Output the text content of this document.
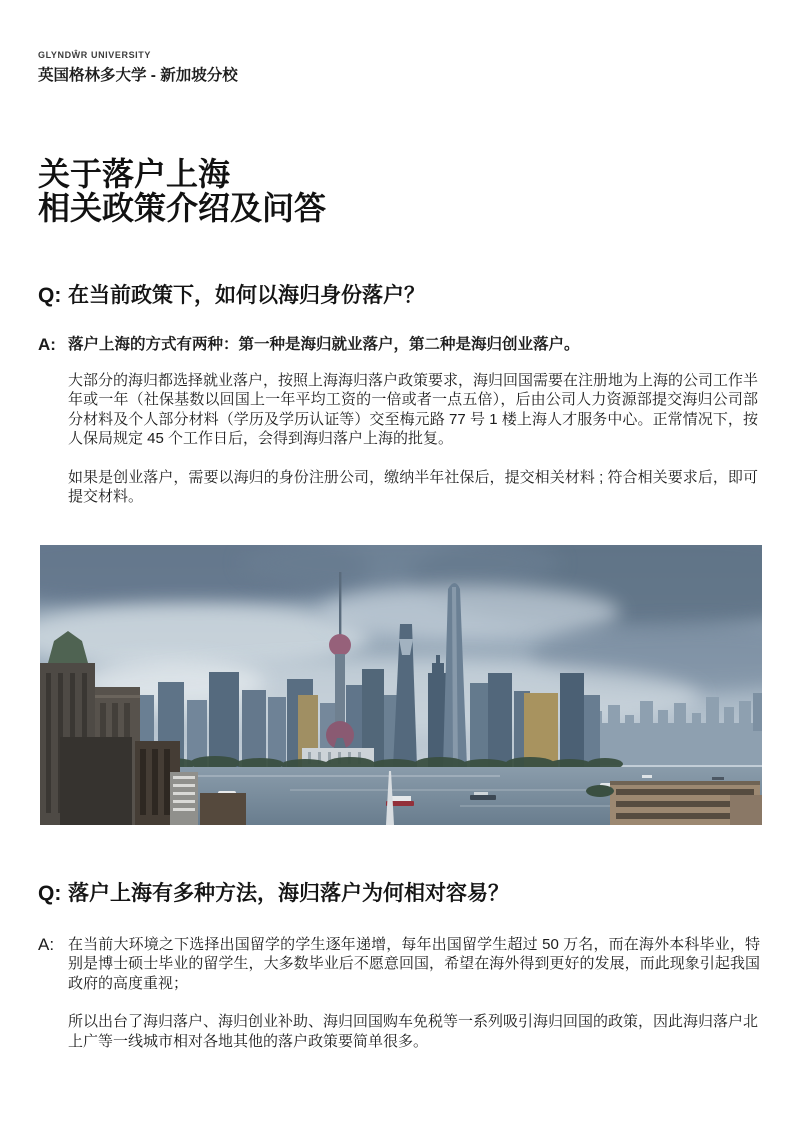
GLYNDŴR UNIVERSITY
英国格林多大学 - 新加坡分校
关于落户上海
相关政策介绍及问答
Q: 在当前政策下，如何以海归身份落户？
A: 落户上海的方式有两种：第一种是海归就业落户，第二种是海归创业落户。

大部分的海归都选择就业落户，按照上海海归落户政策要求，海归回国需要在注册地为上海的公司工作半年或一年（社保基数以回国上一年平均工资的一倍或者一点五倍），后由公司人力资源部提交海归公司部分材料及个人部分材料（学历及学历认证等）交至梅元路 77 号 1 楼上海人才服务中心。正常情况下，按人保局规定 45 个工作日后，会得到海归落户上海的批复。

如果是创业落户，需要以海归的身份注册公司，缴纳半年社保后，提交相关材料 ; 符合相关要求后，即可提交材料。

Q: 落户上海有多种方法，海归落户为何相对容易？
A: 在当前大环境之下选择出国留学的学生逐年递增，每年出国留学生超过 50 万名，而在海外本科毕业，特别是博士硕士毕业的留学生，大多数毕业后不愿意回国，希望在海外得到更好的发展，而此现象引起我国政府的高度重视；

所以出台了海归落户、海归创业补助、海归回国购车免税等一系列吸引海归回国的政策，因此海归落户北上广等一线城市相对各地其他的落户政策要简单很多。
